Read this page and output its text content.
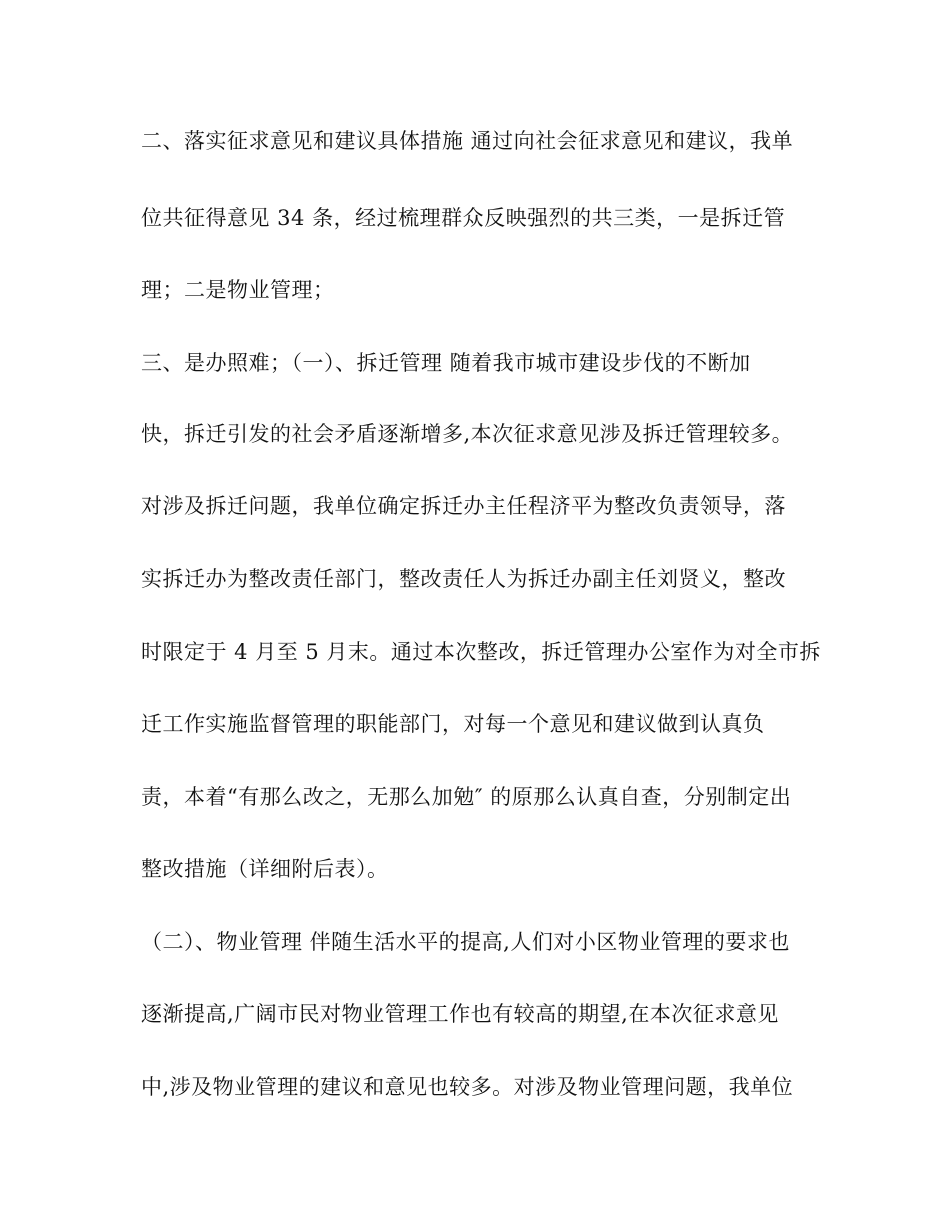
二、落实征求意见和建议具体措施 通过向社会征求意见和建议，我单
位共征得意见 34 条，经过梳理群众反映强烈的共三类，一是拆迁管
理；二是物业管理；
三、是办照难；（一）、拆迁管理 随着我市城市建设步伐的不断加
快，拆迁引发的社会矛盾逐渐增多,本次征求意见涉及拆迁管理较多。
对涉及拆迁问题，我单位确定拆迁办主任程济平为整改负责领导，落
实拆迁办为整改责任部门，整改责任人为拆迁办副主任刘贤义，整改
时限定于 4 月至 5 月末。通过本次整改，拆迁管理办公室作为对全市拆
迁工作实施监督管理的职能部门，对每一个意见和建议做到认真负
责，本着“有那么改之，无那么加勉″ 的原那么认真自查，分别制定出
整改措施（详细附后表）。
（二）、物业管理 伴随生活水平的提高,人们对小区物业管理的要求也
逐渐提高,广阔市民对物业管理工作也有较高的期望,在本次征求意见
中,涉及物业管理的建议和意见也较多。对涉及物业管理问题，我单位
